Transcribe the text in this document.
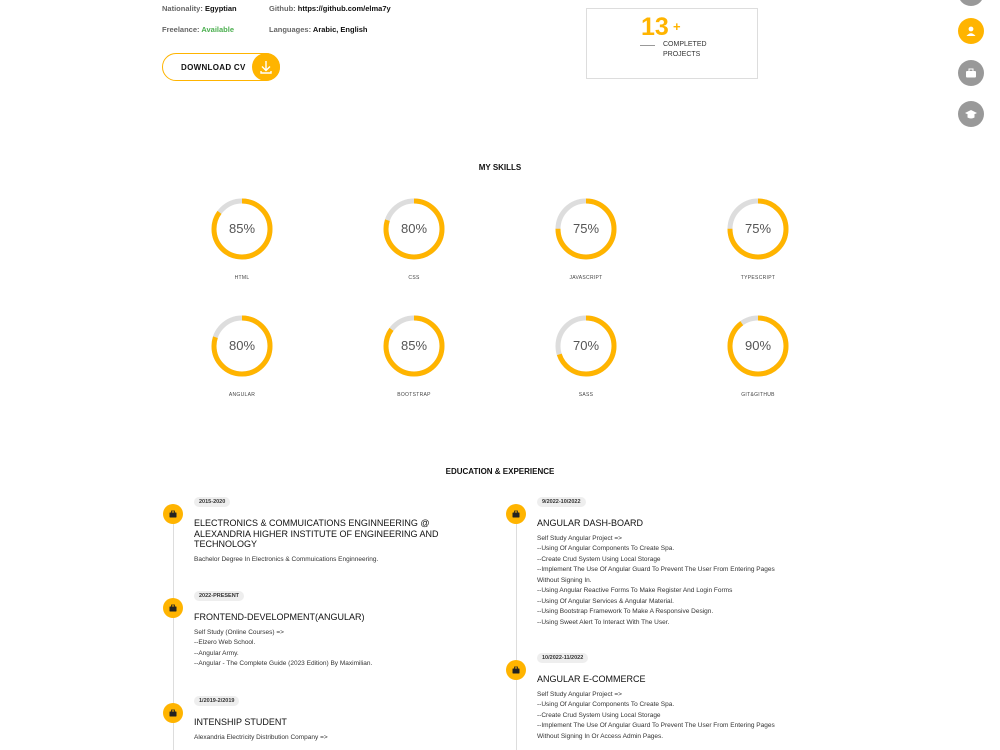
Nationality: Egyptian	Github: https://github.com/elma7y
Freelance: Available	Languages: Arabic, English
DOWNLOAD CV
13 +
COMPLETED
PROJECTS
MY SKILLS
85%
HTML
80%
CSS
75%
JAVASCRIPT
75%
TYPESCRIPT
80%
ANGULAR
85%
BOOTSTRAP
70%
SASS
90%
GIT&GITHUB
EDUCATION & EXPERIENCE
2015-2020
ELECTRONICS & COMMUICATIONS ENGINNEERING @ ALEXANDRIA HIGHER INSTITUTE OF ENGINEERING AND TECHNOLOGY
Bachelor Degree In Electronics & Commuications Enginneering.
2022-PRESENT
FRONTEND-DEVELOPMENT(ANGULAR)
Self Study (Online Courses) =>
--Elzero Web School.
--Angular Army.
--Angular - The Complete Guide (2023 Edition) By Maximilian.
1/2019-2/2019
INTENSHIP STUDENT
Alexandria Electricity Distribution Company =>
9/2022-10/2022
ANGULAR DASH-BOARD
Self Study Angular Project =>
--Using Of Angular Components To Create Spa.
--Create Crud System Using Local Storage
--Implement The Use Of Angular Guard To Prevent The User From Entering Pages
Without Signing In.
--Using Angular Reactive Forms To Make Register And Login Forms
--Using Of Angular Services & Angular Material.
--Using Bootstrap Framework To Make A Responsive Design.
--Using Sweet Alert To Interact With The User.
10/2022-11/2022
ANGULAR E-COMMERCE
Self Study Angular Project =>
--Using Of Angular Components To Create Spa.
--Create Crud System Using Local Storage
--Implement The Use Of Angular Guard To Prevent The User From Entering Pages
Without Signing In Or Access Admin Pages.
